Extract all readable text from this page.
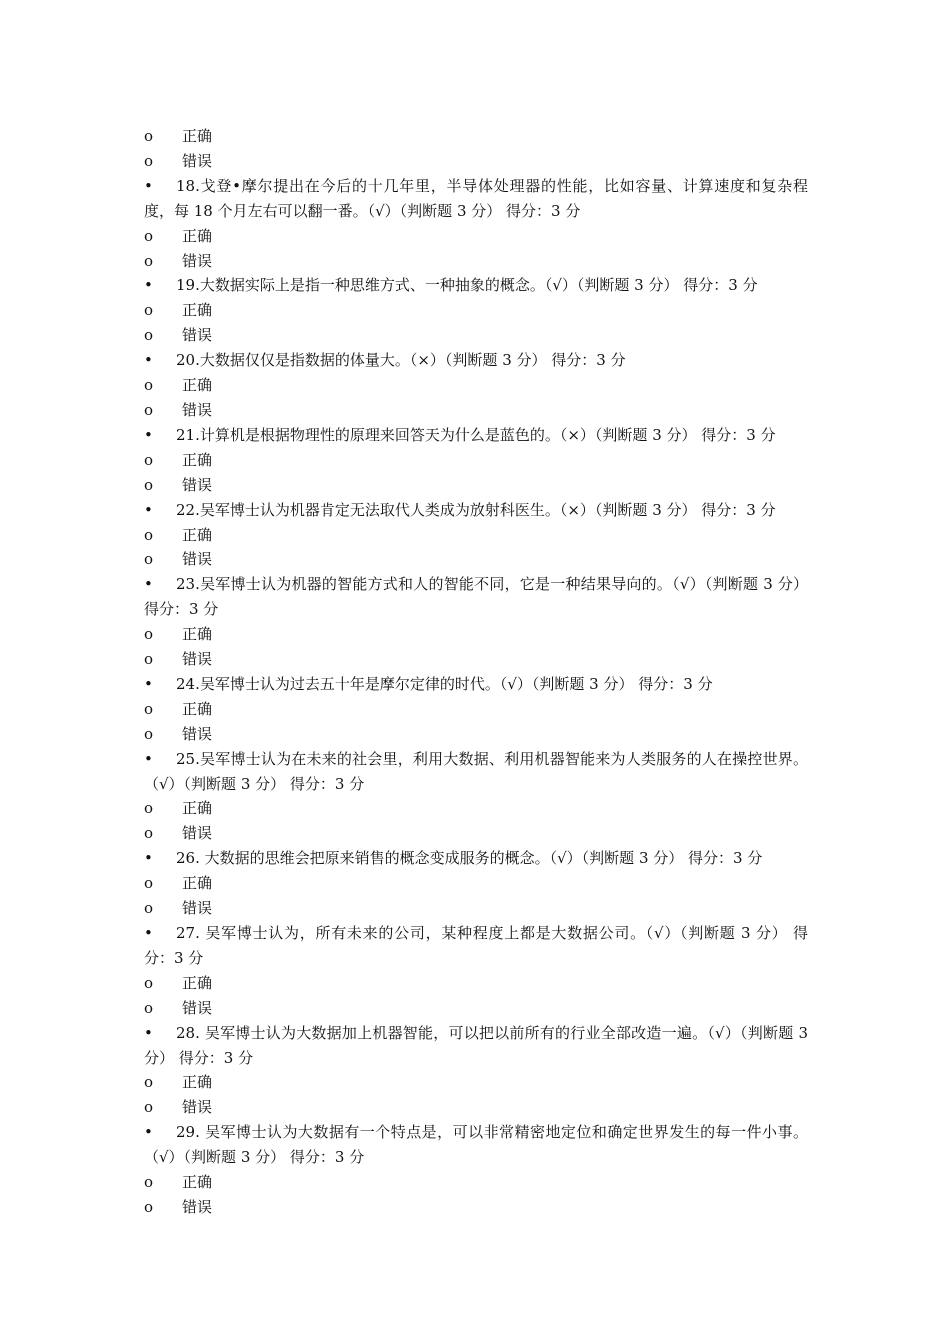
o	正确
o	错误
• 18.戈登•摩尔提出在今后的十几年里，半导体处理器的性能，比如容量、计算速度和复杂程度，每 18 个月左右可以翻一番。（√）（判断题 3 分） 得分：3 分
o	正确
o	错误
• 19.大数据实际上是指一种思维方式、一种抽象的概念。（√）（判断题 3 分） 得分：3 分
o	正确
o	错误
• 20.大数据仅仅是指数据的体量大。（×）（判断题 3 分） 得分：3 分
o	正确
o	错误
• 21.计算机是根据物理性的原理来回答天为什么是蓝色的。（×）（判断题 3 分） 得分：3 分
o	正确
o	错误
• 22.吴军博士认为机器肯定无法取代人类成为放射科医生。（×）（判断题 3 分） 得分：3 分
o	正确
o	错误
• 23.吴军博士认为机器的智能方式和人的智能不同，它是一种结果导向的。（√）（判断题 3 分） 得分：3 分
o	正确
o	错误
• 24.吴军博士认为过去五十年是摩尔定律的时代。（√）（判断题 3 分） 得分：3 分
o	正确
o	错误
• 25.吴军博士认为在未来的社会里，利用大数据、利用机器智能来为人类服务的人在操控世界。（√）（判断题 3 分） 得分：3 分
o	正确
o	错误
• 26. 大数据的思维会把原来销售的概念变成服务的概念。（√）（判断题 3 分） 得分：3 分
o	正确
o	错误
• 27. 吴军博士认为，所有未来的公司，某种程度上都是大数据公司。（√）（判断题 3 分） 得分：3 分
o	正确
o	错误
• 28. 吴军博士认为大数据加上机器智能，可以把以前所有的行业全部改造一遍。（√）（判断题 3 分） 得分：3 分
o	正确
o	错误
• 29. 吴军博士认为大数据有一个特点是，可以非常精密地定位和确定世界发生的每一件小事。（√）（判断题 3 分） 得分：3 分
o	正确
o	错误
